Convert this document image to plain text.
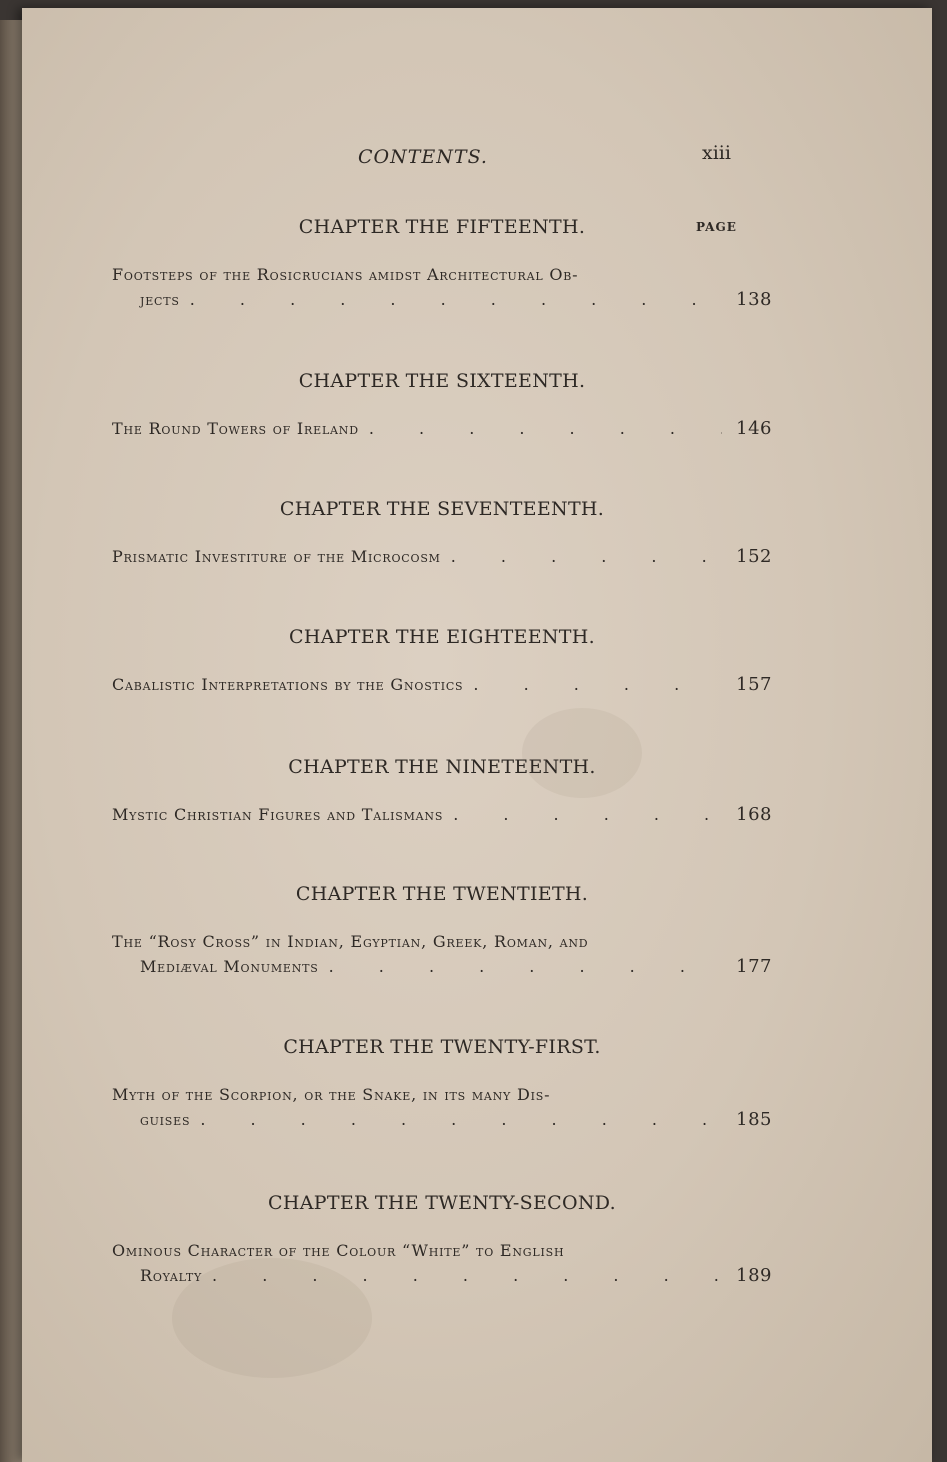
CONTENTS.	xiii
PAGE
CHAPTER THE FIFTEENTH.
Footsteps of the Rosicrucians amidst Architectural Ob-
jects . . .	138
CHAPTER THE SIXTEENTH.
The Round Towers of Ireland . . .	146
CHAPTER THE SEVENTEENTH.
Prismatic Investiture of the Microcosm . . .	152
CHAPTER THE EIGHTEENTH.
Cabalistic Interpretations by the Gnostics . . .	157
CHAPTER THE NINETEENTH.
Mystic Christian Figures and Talismans . . .	168
CHAPTER THE TWENTIETH.
The “Rosy Cross” in Indian, Egyptian, Greek, Roman, and
Mediæval Monuments . . .	177
CHAPTER THE TWENTY-FIRST.
Myth of the Scorpion, or the Snake, in its many Dis-
guises . . .	185
CHAPTER THE TWENTY-SECOND.
Ominous Character of the Colour “White” to English
Royalty . . .	189
